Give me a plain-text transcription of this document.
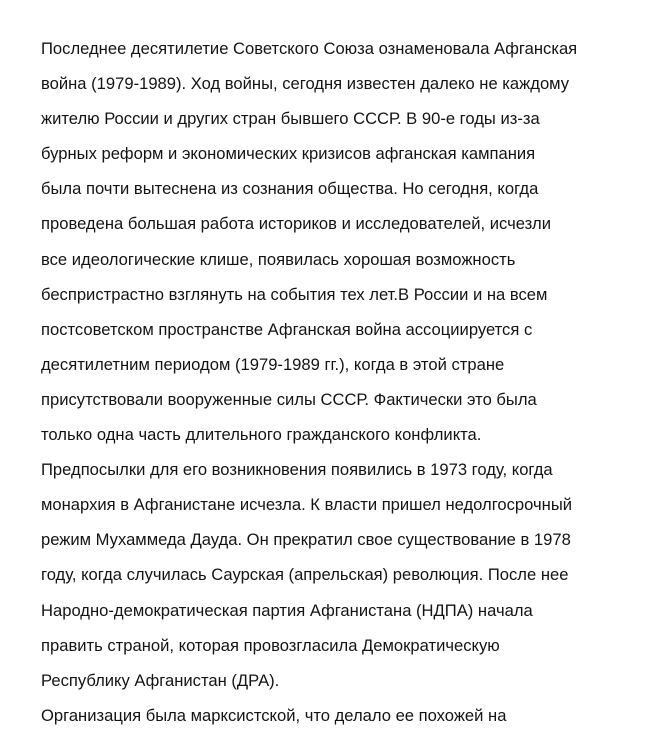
Последнее десятилетие Советского Союза ознаменовала Афганская
война (1979-1989). Ход войны, сегодня известен далеко не каждому
жителю России и других стран бывшего СССР. В 90-е годы из-за
бурных реформ и экономических кризисов афганская кампания
была почти вытеснена из сознания общества. Но сегодня, когда
проведена большая работа историков и исследователей, исчезли
все идеологические клише, появилась хорошая возможность
беспристрастно взглянуть на события тех лет.В России и на всем
постсоветском пространстве Афганская война ассоциируется с
десятилетним периодом (1979-1989 гг.), когда в этой стране
присутствовали вооруженные силы СССР. Фактически это была
только одна часть длительного гражданского конфликта.
Предпосылки для его возникновения появились в 1973 году, когда
монархия в Афганистане исчезла. К власти пришел недолгосрочный
режим Мухаммеда Дауда. Он прекратил свое существование в 1978
году, когда случилась Саурская (апрельская) революция. После нее
Народно-демократическая партия Афганистана (НДПА) начала
править страной, которая провозгласила Демократическую
Республику Афганистан (ДРА).
Организация была марксистской, что делало ее похожей на
